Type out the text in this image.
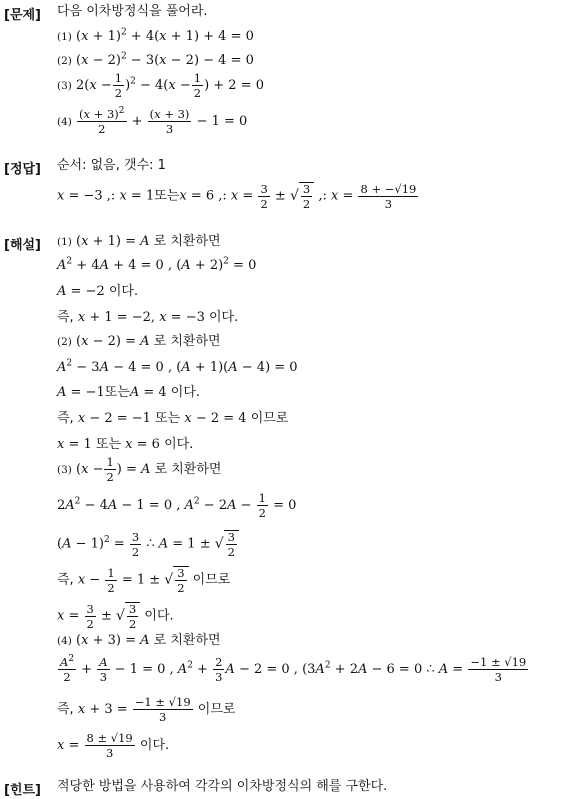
[문제] 다음 이차방정식을 풀어라.
(1) $(x + 1)^2 + 4(x + 1) + 4 = 0$
(2) $(x - 2)^2 - 3(x - 2) - 4 = 0$
(3) $2(x - \frac{1}{2} )^2 - 4(x - \frac{1}{2}$ ) + 2 = 0
$(4) \frac{(x + 3)^2}{2} + \frac{(x + 3)}{3} - 1 = 0$
[정답] 순서: 없음, 갯수: 1
x = −3 ,: x = 1또는x = 6 ,: $x = \frac{3}{2}$ ± √ $\frac{3}{2}$ ,: $x = \frac{8 + -√19}{3}$
[해설] (1) (x + 1) = A 로 치환하면
$A^2 + 4A + 4 = 0$ , $(A + 2)^2 = 0$
A = −2 이다.
즉, x + 1 = −2, x = −3 이다.
(2) (x − 2) = A 로 치환하면
$A^2 - 3A - 4 = 0$ , (A + 1)(A − 4) = 0
A = −1또는A = 4 이다.
즉, x − 2 = −1 또는 x − 2 = 4 이므로
x = 1 또는 x = 6 이다.
(3) ($x - \frac{1}{2}$ ) = A 로 치환하면
$2A^2 - 4A - 1 = 0$ , $A^2 - 2A - \frac{1}{2} = 0$
$(A - 1)^2 = \frac{3}{2}$ ∴ A = 1 ± √ $\frac{3}{2}$
즉, $x - \frac{1}{2} = 1$ ± √ $\frac{3}{2}$ 이므로
$x = \frac{3}{2}$ ± √ $\frac{3}{2}$ 이다.
(4) (x + 3) = A 로 치환하면
$\frac{A^2}{2} + \frac{A}{3} - 1 = 0$ , $A^2 + \frac{2}{3}$ A − 2 = 0 , ($3A^2 + 2A - 6 = 0$ ∴ $A = \frac{-1 \pm √19}{3}$
즉, $x + 3 = \frac{-1 \pm √19}{3}$ 이므로
$x = \frac{8 \pm √19}{3}$ 이다.
[힌트] 적당한 방법을 사용하여 각각의 이차방정식의 해를 구한다.
